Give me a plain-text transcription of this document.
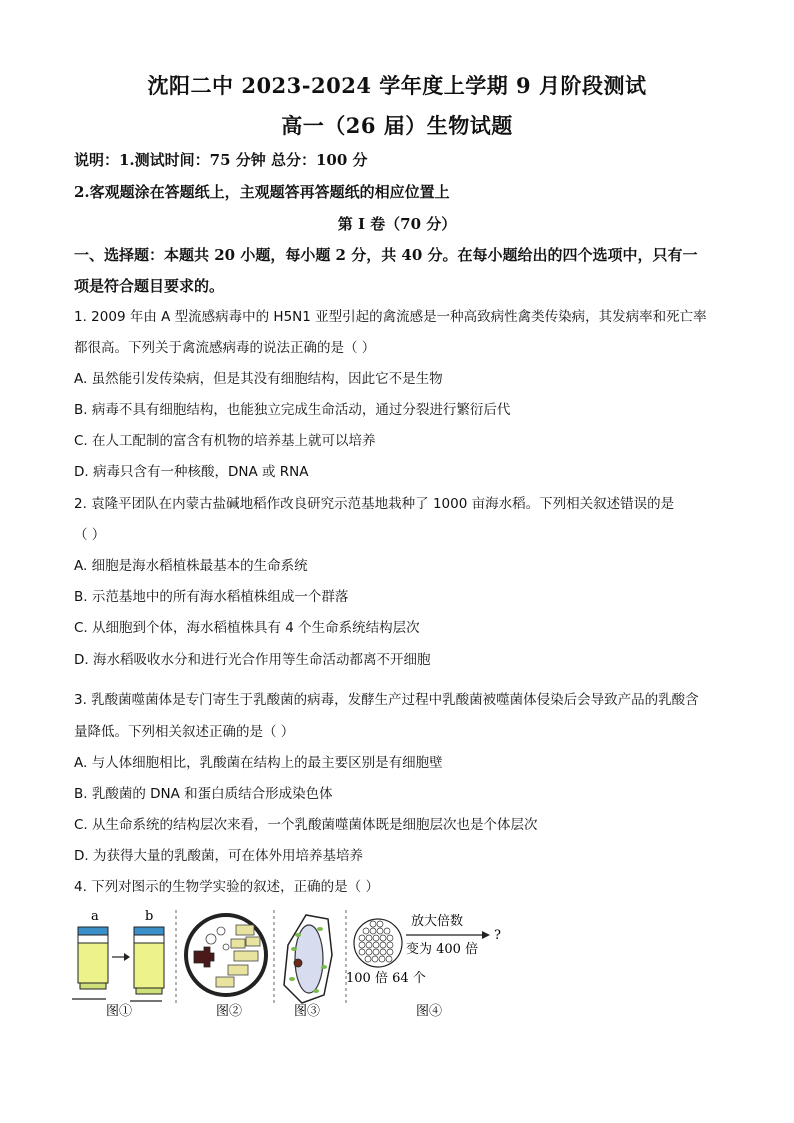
沈阳二中 2023-2024 学年度上学期 9 月阶段测试
高一（26 届）生物试题
说明：1.测试时间：75 分钟 总分：100 分
2.客观题涂在答题纸上，主观题答再答题纸的相应位置上
第 I 卷（70 分）
一、选择题：本题共 20 小题，每小题 2 分，共 40 分。在每小题给出的四个选项中，只有一
项是符合题目要求的。
1. 2009 年由 A 型流感病毒中的 H5N1 亚型引起的禽流感是一种高致病性禽类传染病，其发病率和死亡率
都很高。下列关于禽流感病毒的说法正确的是（ ）
A. 虽然能引发传染病，但是其没有细胞结构，因此它不是生物
B. 病毒不具有细胞结构，也能独立完成生命活动，通过分裂进行繁衍后代
C. 在人工配制的富含有机物的培养基上就可以培养
D. 病毒只含有一种核酸，DNA 或 RNA
2. 袁隆平团队在内蒙古盐碱地稻作改良研究示范基地栽种了 1000 亩海水稻。下列相关叙述错误的是
（ ）
A. 细胞是海水稻植株最基本的生命系统
B. 示范基地中的所有海水稻植株组成一个群落
C. 从细胞到个体，海水稻植株具有 4 个生命系统结构层次
D. 海水稻吸收水分和进行光合作用等生命活动都离不开细胞
3. 乳酸菌噬菌体是专门寄生于乳酸菌的病毒，发酵生产过程中乳酸菌被噬菌体侵染后会导致产品的乳酸含
量降低。下列相关叙述正确的是（ ）
A. 与人体细胞相比，乳酸菌在结构上的最主要区别是有细胞壁
B. 乳酸菌的 DNA 和蛋白质结合形成染色体
C. 从生命系统的结构层次来看，一个乳酸菌噬菌体既是细胞层次也是个体层次
D. 为获得大量的乳酸菌，可在体外用培养基培养
4. 下列对图示的生物学实验的叙述，正确的是（ ）
a	b
图①	图②	图③
放大倍数
?
变为 400 倍
100 倍 64 个
图④
